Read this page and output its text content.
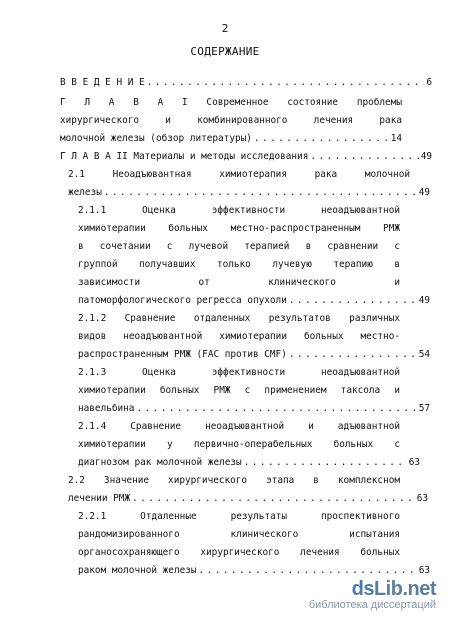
2
СОДЕРЖАНИЕ
В В Е Д Е Н И Е . . .	6
Г Л А В А I Современное состояние проблемы
хирургического и комбинированного лечения рака
молочной железы (обзор литературы) . . .	14
Г Л А В А II Материалы и методы исследования . . .	49
2.1 Неоадъювантная химиотерапия рака молочной
железы . . .	49
2.1.1 Оценка эффективности неоадъювантной
химиотерапии больных местно-распространенным РМЖ
в сочетании с лучевой терапией в сравнении с
группой получавших только лучевую терапию в
зависимости от клинического и
патоморфологического регресса опухоли . . .	49
2.1.2 Сравнение отдаленных результатов различных
видов неоадъювантной химиотерапии больных местно-
распространенным РМЖ (FAC против CMF) . . .	54
2.1.3 Оценка эффективности неоадъювантной
химиотерапии больных РМЖ с применением таксола и
навельбина . . .	57
2.1.4 Сравнение неоадъювантной и адъювантной
химиотерапии у первично-операбельных больных с
диагнозом рак молочной железы . . .	63
2.2 Значение хирургического этапа в комплексном
лечении РМЖ . . .	63
2.2.1 Отдаленные результаты проспективного
рандомизированного клинического испытания
органосохраняющего хирургического лечения больных
раком молочной железы . . .	63
dsLib.net
библиотека диссертаций
